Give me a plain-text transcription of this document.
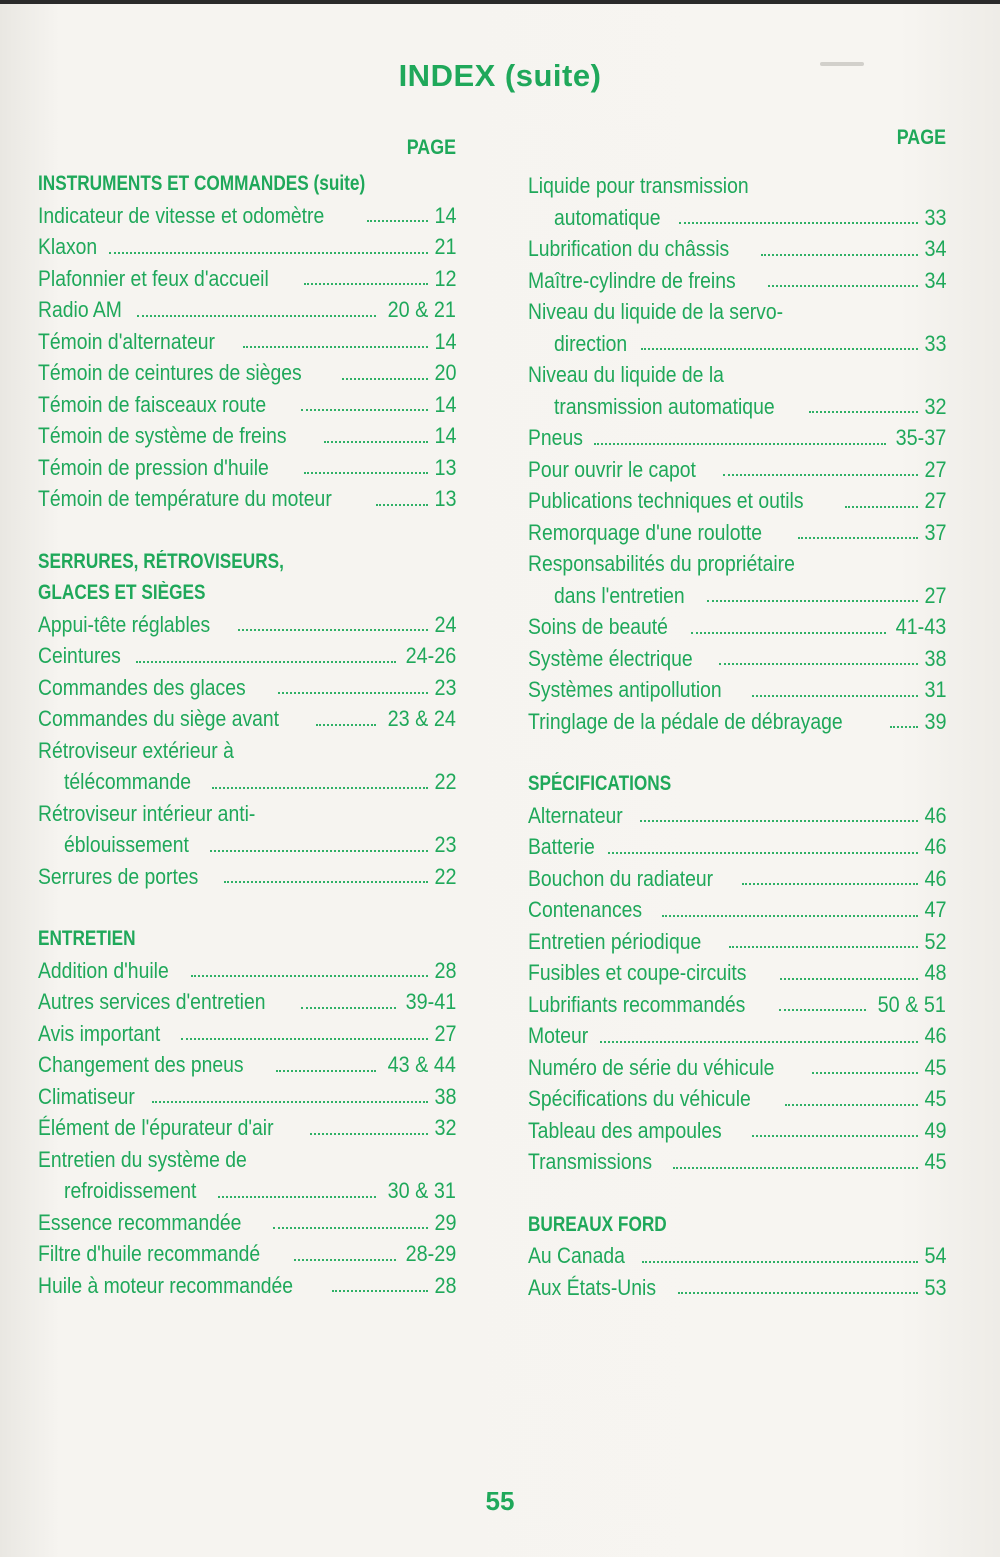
INDEX (suite)
PAGE
INSTRUMENTS ET COMMANDES (suite)
Indicateur de vitesse et odomètre	14
Klaxon	21
Plafonnier et feux d'accueil	12
Radio AM	20 & 21
Témoin d'alternateur	14
Témoin de ceintures de sièges	20
Témoin de faisceaux route	14
Témoin de système de freins	14
Témoin de pression d'huile	13
Témoin de température du moteur	13
SERRURES, RÉTROVISEURS,
GLACES ET SIÈGES
Appui-tête réglables	24
Ceintures	24-26
Commandes des glaces	23
Commandes du siège avant	23 & 24
Rétroviseur extérieur à
télécommande	22
Rétroviseur intérieur anti-
éblouissement	23
Serrures de portes	22
ENTRETIEN
Addition d'huile	28
Autres services d'entretien	39-41
Avis important	27
Changement des pneus	43 & 44
Climatiseur	38
Élément de l'épurateur d'air	32
Entretien du système de
refroidissement	30 & 31
Essence recommandée	29
Filtre d'huile recommandé	28-29
Huile à moteur recommandée	28
PAGE
Liquide pour transmission
automatique	33
Lubrification du châssis	34
Maître-cylindre de freins	34
Niveau du liquide de la servo-
direction	33
Niveau du liquide de la
transmission automatique	32
Pneus	35-37
Pour ouvrir le capot	27
Publications techniques et outils	27
Remorquage d'une roulotte	37
Responsabilités du propriétaire
dans l'entretien	27
Soins de beauté	41-43
Système électrique	38
Systèmes antipollution	31
Tringlage de la pédale de débrayage	39
SPÉCIFICATIONS
Alternateur	46
Batterie	46
Bouchon du radiateur	46
Contenances	47
Entretien périodique	52
Fusibles et coupe-circuits	48
Lubrifiants recommandés	50 & 51
Moteur	46
Numéro de série du véhicule	45
Spécifications du véhicule	45
Tableau des ampoules	49
Transmissions	45
BUREAUX FORD
Au Canada	54
Aux États-Unis	53
55
